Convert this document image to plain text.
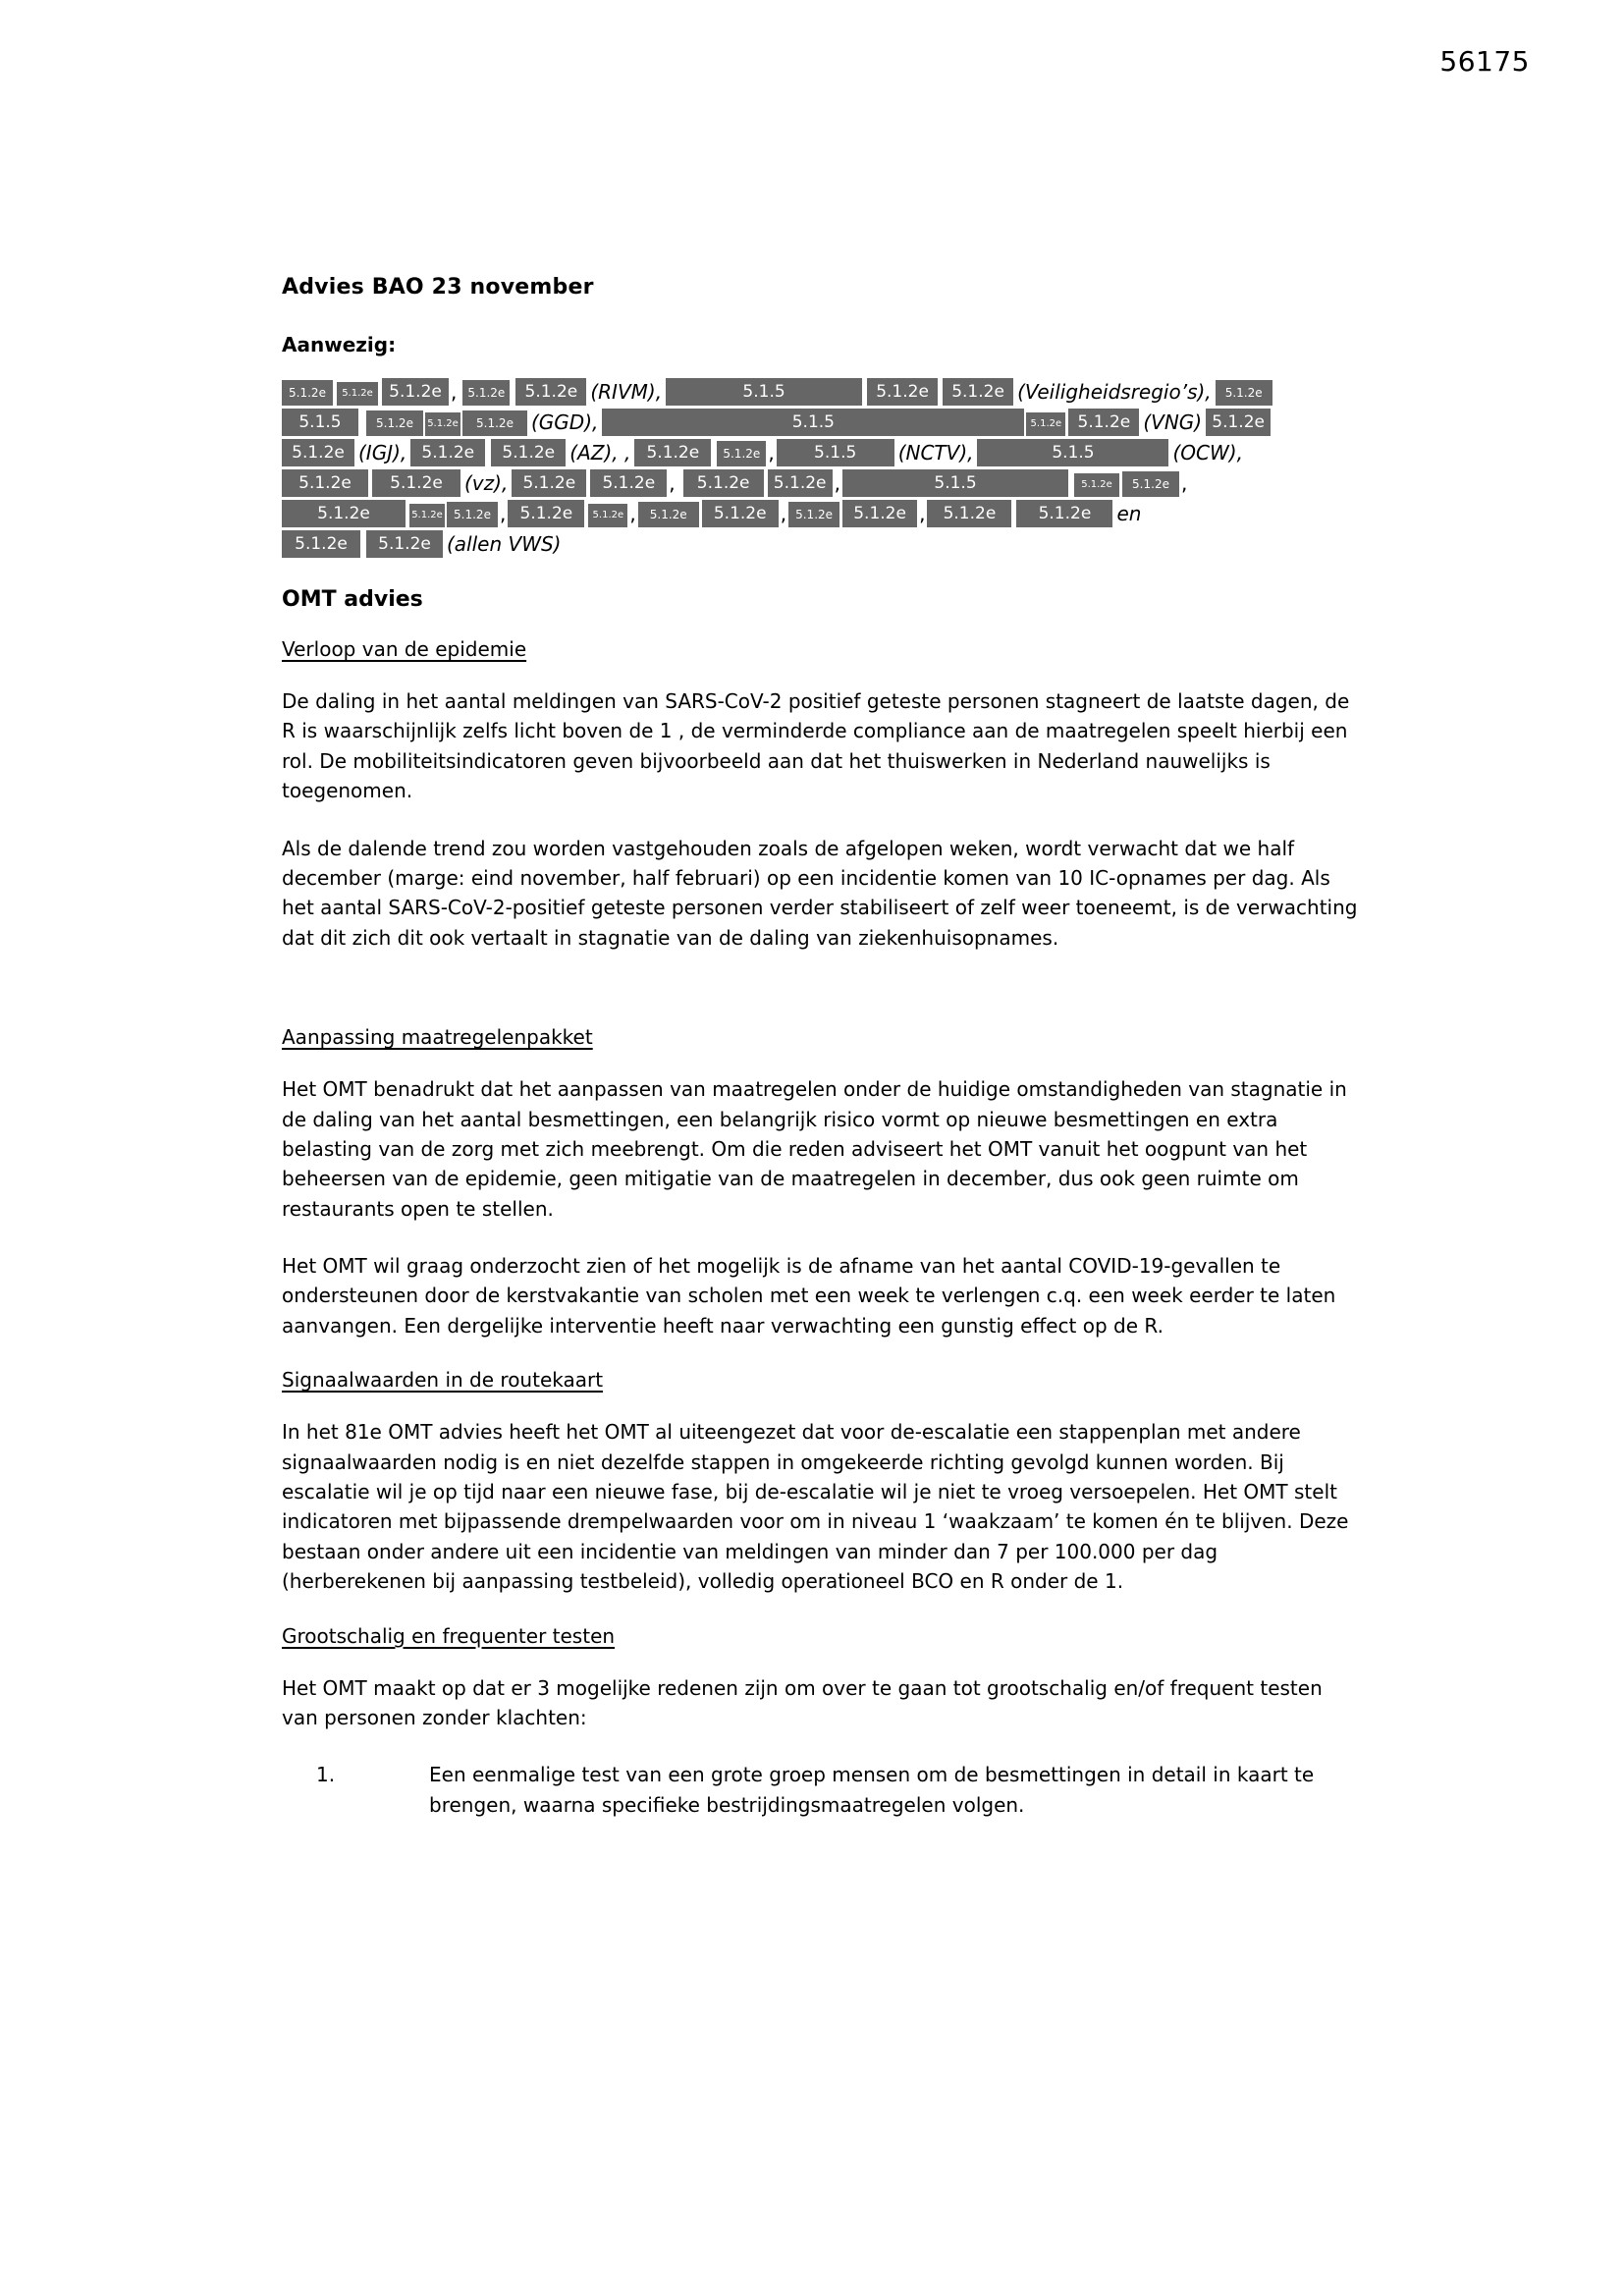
56175
Advies BAO 23 november
Aanwezig:
5.1.2e	5.1.2e 5.1.2e , 5.1.2e	5.1.2e (RIVM),	5.1.5	5.1.2e	5.1.2e (Veiligheidsregio’s),	5.1.2e
5.1.5	5.1.2e	5.1.2e	5.1.2e (GGD),	5.1.5	5.1.2e 5.1.2e (VNG) 5.1.2e
5.1.2e (IGJ), 5.1.2e	5.1.2e (AZ), , 5.1.2e	5.1.2e ,	5.1.5	(NCTV),	5.1.5	(OCW),
5.1.2e	5.1.2e	(vz), 5.1.2e	5.1.2e ,	5.1.2e	5.1.2e ,	5.1.5	5.1.2e	5.1.2e ,
5.1.2e	5.1.2e 5.1.2e , 5.1.2e	5.1.2e ,	5.1.2e	5.1.2e , 5.1.2e	5.1.2e ,	5.1.2e	5.1.2e	en
5.1.2e	5.1.2e (allen VWS)
OMT advies
Verloop van de epidemie

De daling in het aantal meldingen van SARS-CoV-2 positief geteste personen stagneert de laatste dagen, de R is waarschijnlijk zelfs licht boven de 1 , de verminderde compliance aan de maatregelen speelt hierbij een rol. De mobiliteitsindicatoren geven bijvoorbeeld aan dat het thuiswerken in Nederland nauwelijks is toegenomen.

Als de dalende trend zou worden vastgehouden zoals de afgelopen weken, wordt verwacht dat we half december (marge: eind november, half februari) op een incidentie komen van 10 IC-opnames per dag. Als het aantal SARS-CoV-2-positief geteste personen verder stabiliseert of zelf weer toeneemt, is de verwachting dat dit zich dit ook vertaalt in stagnatie van de daling van ziekenhuisopnames.

Aanpassing maatregelenpakket

Het OMT benadrukt dat het aanpassen van maatregelen onder de huidige omstandigheden van stagnatie in de daling van het aantal besmettingen, een belangrijk risico vormt op nieuwe besmettingen en extra belasting van de zorg met zich meebrengt. Om die reden adviseert het OMT vanuit het oogpunt van het beheersen van de epidemie, geen mitigatie van de maatregelen in december, dus ook geen ruimte om restaurants open te stellen.

Het OMT wil graag onderzocht zien of het mogelijk is de afname van het aantal COVID-19-gevallen te ondersteunen door de kerstvakantie van scholen met een week te verlengen c.q. een week eerder te laten aanvangen. Een dergelijke interventie heeft naar verwachting een gunstig effect op de R.

Signaalwaarden in de routekaart

In het 81e OMT advies heeft het OMT al uiteengezet dat voor de-escalatie een stappenplan met andere signaalwaarden nodig is en niet dezelfde stappen in omgekeerde richting gevolgd kunnen worden. Bij escalatie wil je op tijd naar een nieuwe fase, bij de-escalatie wil je niet te vroeg versoepelen. Het OMT stelt indicatoren met bijpassende drempelwaarden voor om in niveau 1 ‘waakzaam’ te komen én te blijven. Deze bestaan onder andere uit een incidentie van meldingen van minder dan 7 per 100.000 per dag (herberekenen bij aanpassing testbeleid), volledig operationeel BCO en R onder de 1.

Grootschalig en frequenter testen

Het OMT maakt op dat er 3 mogelijke redenen zijn om over te gaan tot grootschalig en/of frequent testen van personen zonder klachten:

1.	Een eenmalige test van een grote groep mensen om de besmettingen in detail in kaart te brengen, waarna specifieke bestrijdingsmaatregelen volgen.
